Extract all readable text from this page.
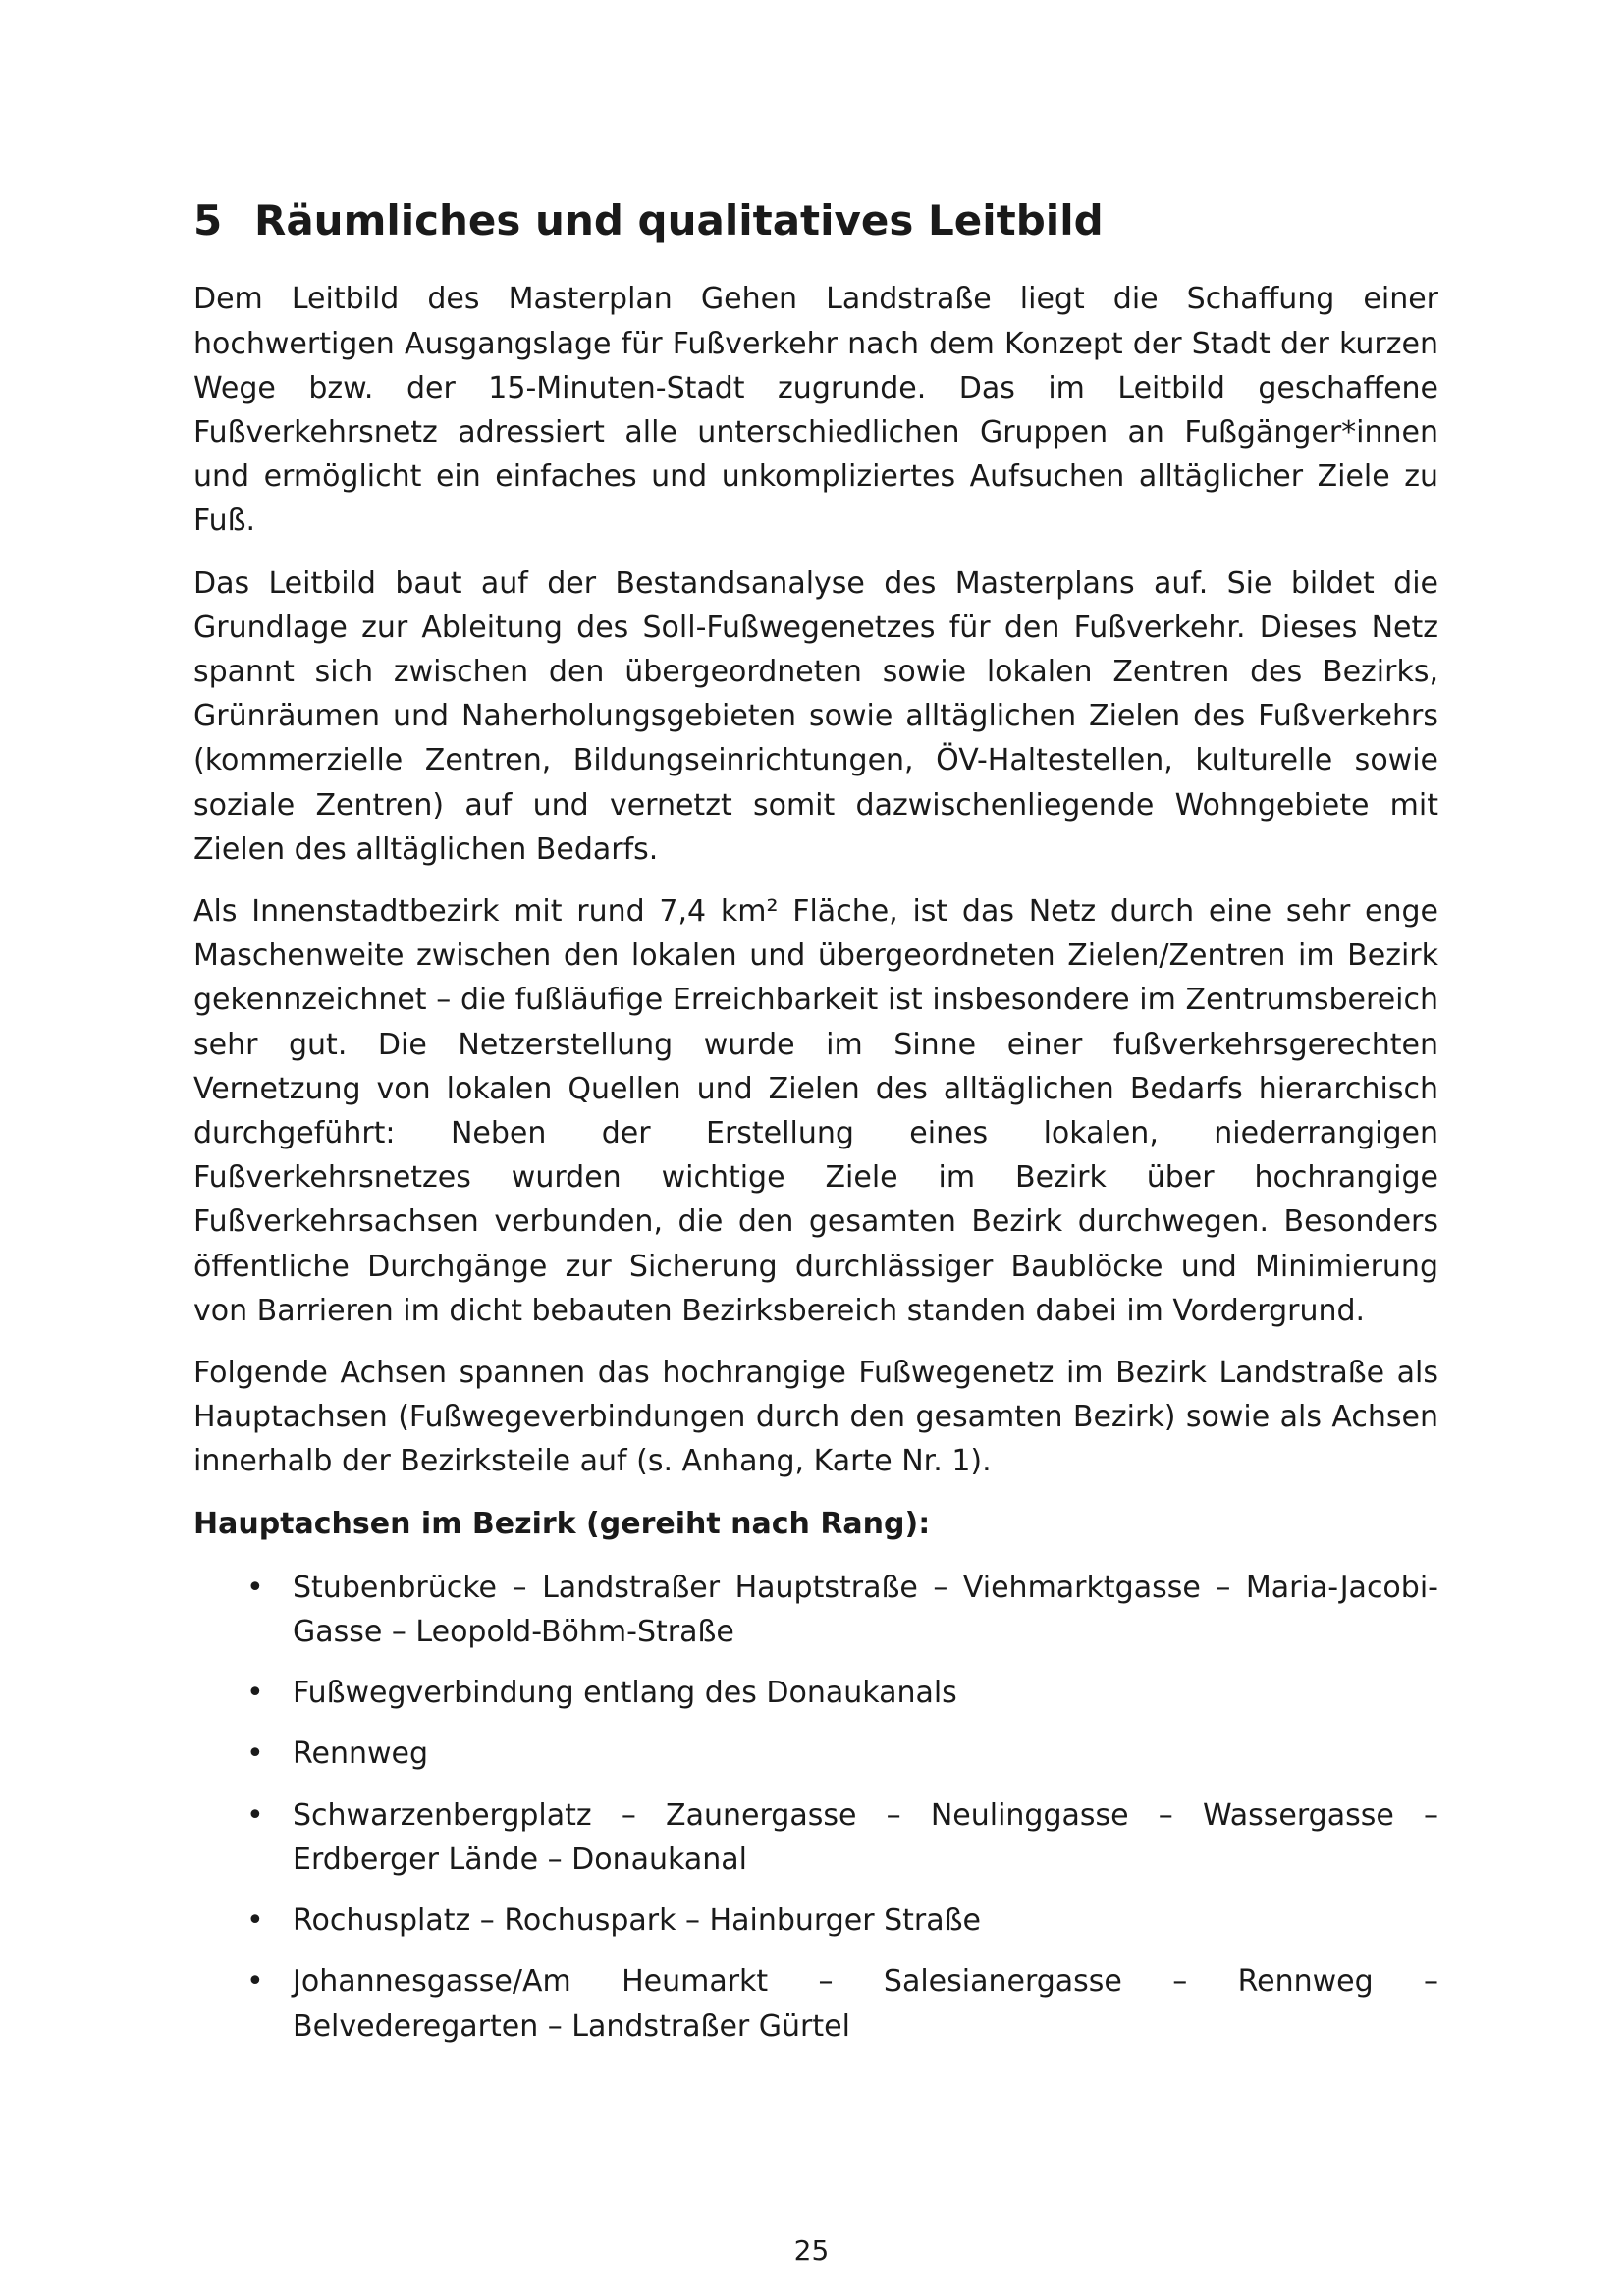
5 Räumliches und qualitatives Leitbild

Dem Leitbild des Masterplan Gehen Landstraße liegt die Schaffung einer hochwertigen Ausgangslage für Fußverkehr nach dem Konzept der Stadt der kurzen Wege bzw. der 15-Minuten-Stadt zugrunde. Das im Leitbild geschaffene Fußverkehrsnetz adressiert alle unterschiedlichen Gruppen an Fußgänger*innen und ermöglicht ein einfaches und unkompliziertes Aufsuchen alltäglicher Ziele zu Fuß.

Das Leitbild baut auf der Bestandsanalyse des Masterplans auf. Sie bildet die Grundlage zur Ableitung des Soll-Fußwegenetzes für den Fußverkehr. Dieses Netz spannt sich zwischen den übergeordneten sowie lokalen Zentren des Bezirks, Grünräumen und Naherholungsgebieten sowie alltäglichen Zielen des Fußverkehrs (kommerzielle Zentren, Bildungseinrichtungen, ÖV-Haltestellen, kulturelle sowie soziale Zentren) auf und vernetzt somit dazwischenliegende Wohngebiete mit Zielen des alltäglichen Bedarfs.

Als Innenstadtbezirk mit rund 7,4 km² Fläche, ist das Netz durch eine sehr enge Maschenweite zwischen den lokalen und übergeordneten Zielen/Zentren im Bezirk gekennzeichnet – die fußläufige Erreichbarkeit ist insbesondere im Zentrumsbereich sehr gut. Die Netzerstellung wurde im Sinne einer fußverkehrsgerechten Vernetzung von lokalen Quellen und Zielen des alltäglichen Bedarfs hierarchisch durchgeführt: Neben der Erstellung eines lokalen, niederrangigen Fußverkehrsnetzes wurden wichtige Ziele im Bezirk über hochrangige Fußverkehrsachsen verbunden, die den gesamten Bezirk durchwegen. Besonders öffentliche Durchgänge zur Sicherung durchlässiger Baublöcke und Minimierung von Barrieren im dicht bebauten Bezirksbereich standen dabei im Vordergrund.

Folgende Achsen spannen das hochrangige Fußwegenetz im Bezirk Landstraße als Hauptachsen (Fußwegeverbindungen durch den gesamten Bezirk) sowie als Achsen innerhalb der Bezirksteile auf (s. Anhang, Karte Nr. 1).

Hauptachsen im Bezirk (gereiht nach Rang):

• Stubenbrücke – Landstraßer Hauptstraße – Viehmarktgasse – Maria-Jacobi-Gasse – Leopold-Böhm-Straße
• Fußwegverbindung entlang des Donaukanals
• Rennweg
• Schwarzenbergplatz – Zaunergasse – Neulinggasse – Wassergasse – Erdberger Lände – Donaukanal
• Rochusplatz – Rochuspark – Hainburger Straße
• Johannesgasse/Am Heumarkt – Salesianergasse – Rennweg – Belvederegarten – Landstraßer Gürtel
25
